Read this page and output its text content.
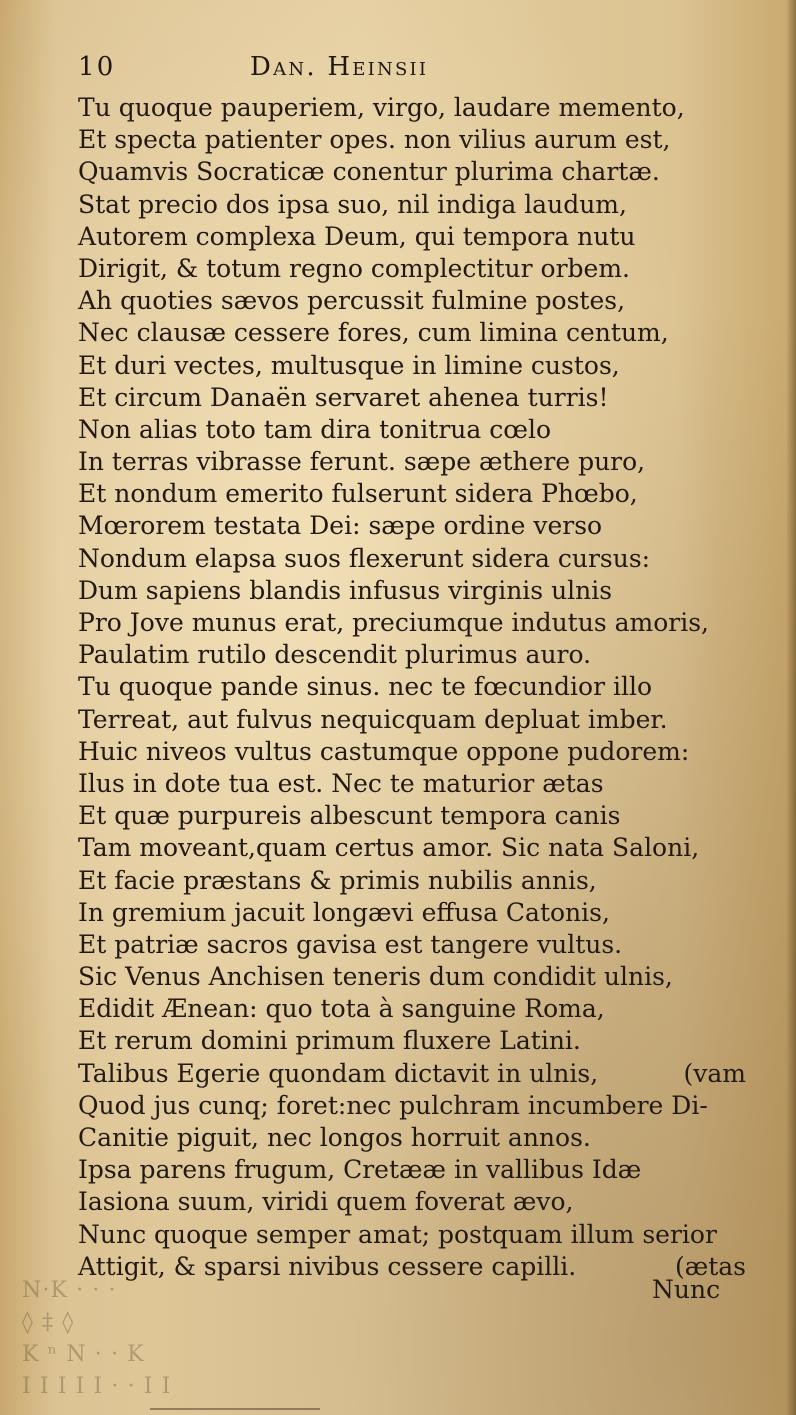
10	Dan. Heinsii
Tu quoque pauperiem, virgo, laudare memento,
Et specta patienter opes. non vilius aurum est,
Quamvis Socraticæ conentur plurima chartæ.
Stat precio dos ipsa suo, nil indiga laudum,
Autorem complexa Deum, qui tempora nutu
Dirigit, & totum regno complectitur orbem.
Ah quoties sævos percussit fulmine postes,
Nec clausæ cessere fores, cum limina centum,
Et duri vectes, multusque in limine custos,
Et circum Danaën servaret ahenea turris!
Non alias toto tam dira tonitrua cœlo
In terras vibrasse ferunt. sæpe æthere puro,
Et nondum emerito fulserunt sidera Phœbo,
Mœrorem testata Dei: sæpe ordine verso
Nondum elapsa suos flexerunt sidera cursus:
Dum sapiens blandis infusus virginis ulnis
Pro Jove munus erat, preciumque indutus amoris,
Paulatim rutilo descendit plurimus auro.
Tu quoque pande sinus. nec te fœcundior illo
Terreat, aut fulvus nequicquam depluat imber.
Huic niveos vultus castumque oppone pudorem:
Ilus in dote tua est. Nec te maturior ætas
Et quæ purpureis albescunt tempora canis
Tam moveant,quam certus amor. Sic nata Saloni,
Et facie præstans & primis nubilis annis,
In gremium jacuit longævi effusa Catonis,
Et patriæ sacros gavisa est tangere vultus.
Sic Venus Anchisen teneris dum condidit ulnis,
Edidit Ænean: quo tota à sanguine Roma,
Et rerum domini primum fluxere Latini.
Talibus Egerie quondam dictavit in ulnis,	(vam
Quod jus cunq; foret:nec pulchram incumbere Di-
Canitie piguit, nec longos horruit annos.
Ipsa parens frugum, Cretææ in vallibus Idæ
Iasiona suum, viridi quem foverat ævo,
Nunc quoque semper amat; postquam illum serior
Attigit, & sparsi nivibus cessere capilli.	(ætas
Nunc
N·K · · ·
◊ ‡ ◊
K ⁿ N · · K
I I I I I · · I I
